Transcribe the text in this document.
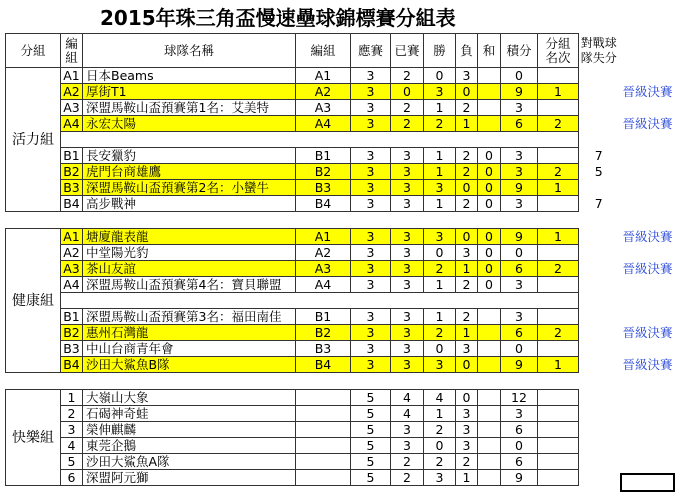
2015年珠三角盃慢速壘球錦標賽分組表
分組	編
組	球隊名稱	編組	應賽	已賽	勝	負	和	積分	分組
名次	對戰球
隊失分	

活力組	A1	日本Beams	A1	3	2	0	3		0			
	A2	厚街T1	A2	3	0	3	0		9	1		晉級決賽
	A3	深盟馬鞍山盃預賽第1名：艾美特	A3	3	2	1	2		3			
	A4	永宏太陽	A4	3	2	2	1		6	2		晉級決賽

	B1	長安獵豹	B1	3	3	1	2	0	3		7	
	B2	虎門台商雄鷹	B2	3	3	1	2	0	3	2	5	
	B3	深盟馬鞍山盃預賽第2名：小蠻牛	B3	3	3	3	0	0	9	1		
	B4	高步戰神	B4	3	3	1	2	0	3		7	

健康組	A1	塘廈龍表龍	A1	3	3	3	0	0	9	1		晉級決賽
	A2	中堂陽光豹	A2	3	3	0	3	0	0			
	A3	茶山友誼	A3	3	3	2	1	0	6	2		晉級決賽
	A4	深盟馬鞍山盃預賽第4名：寶貝聯盟	A4	3	3	1	2	0	3			

	B1	深盟馬鞍山盃預賽第3名：福田南佳	B1	3	3	1	2		3			
	B2	惠州石灣龍	B2	3	3	2	1		6	2		晉級決賽
	B3	中山台商青年會	B3	3	3	0	3		0			
	B4	沙田大鯊魚B隊	B4	3	3	3	0		9	1		晉級決賽

快樂組	1	大嶺山大象		5	4	4	0		12			
	2	石碣神奇蛙		5	4	1	3		3			
	3	榮伸麒麟		5	3	2	3		6			
	4	東莞企鵝		5	3	0	3		0			
	5	沙田大鯊魚A隊		5	2	2	2		6			
	6	深盟阿元獅		5	2	3	1		9			
